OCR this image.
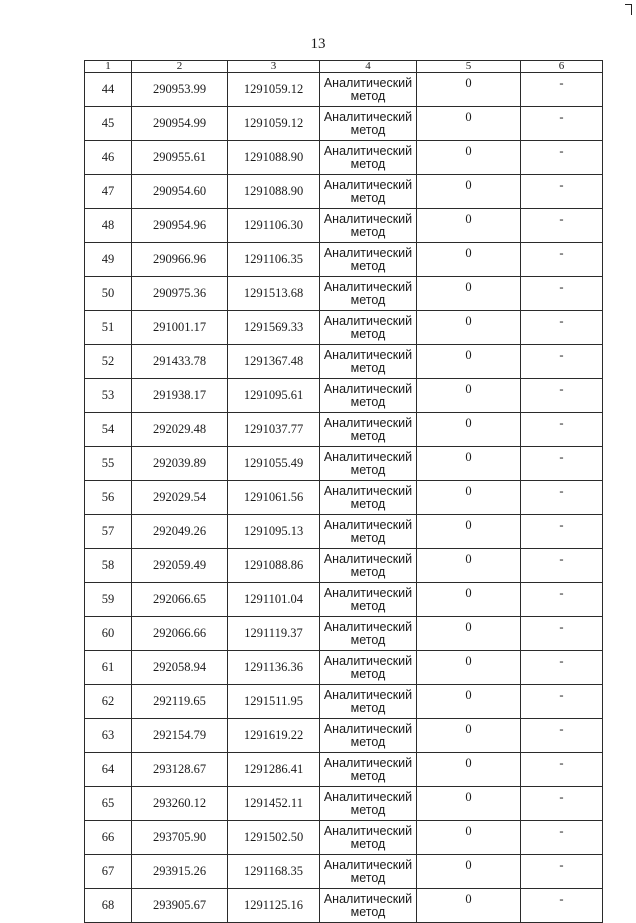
13
1	2	3	4	5	6
44	290953.99	1291059.12	Аналитический метод	0	-
45	290954.99	1291059.12	Аналитический метод	0	-
46	290955.61	1291088.90	Аналитический метод	0	-
47	290954.60	1291088.90	Аналитический метод	0	-
48	290954.96	1291106.30	Аналитический метод	0	-
49	290966.96	1291106.35	Аналитический метод	0	-
50	290975.36	1291513.68	Аналитический метод	0	-
51	291001.17	1291569.33	Аналитический метод	0	-
52	291433.78	1291367.48	Аналитический метод	0	-
53	291938.17	1291095.61	Аналитический метод	0	-
54	292029.48	1291037.77	Аналитический метод	0	-
55	292039.89	1291055.49	Аналитический метод	0	-
56	292029.54	1291061.56	Аналитический метод	0	-
57	292049.26	1291095.13	Аналитический метод	0	-
58	292059.49	1291088.86	Аналитический метод	0	-
59	292066.65	1291101.04	Аналитический метод	0	-
60	292066.66	1291119.37	Аналитический метод	0	-
61	292058.94	1291136.36	Аналитический метод	0	-
62	292119.65	1291511.95	Аналитический метод	0	-
63	292154.79	1291619.22	Аналитический метод	0	-
64	293128.67	1291286.41	Аналитический метод	0	-
65	293260.12	1291452.11	Аналитический метод	0	-
66	293705.90	1291502.50	Аналитический метод	0	-
67	293915.26	1291168.35	Аналитический метод	0	-
68	293905.67	1291125.16	Аналитический метод	0	-
